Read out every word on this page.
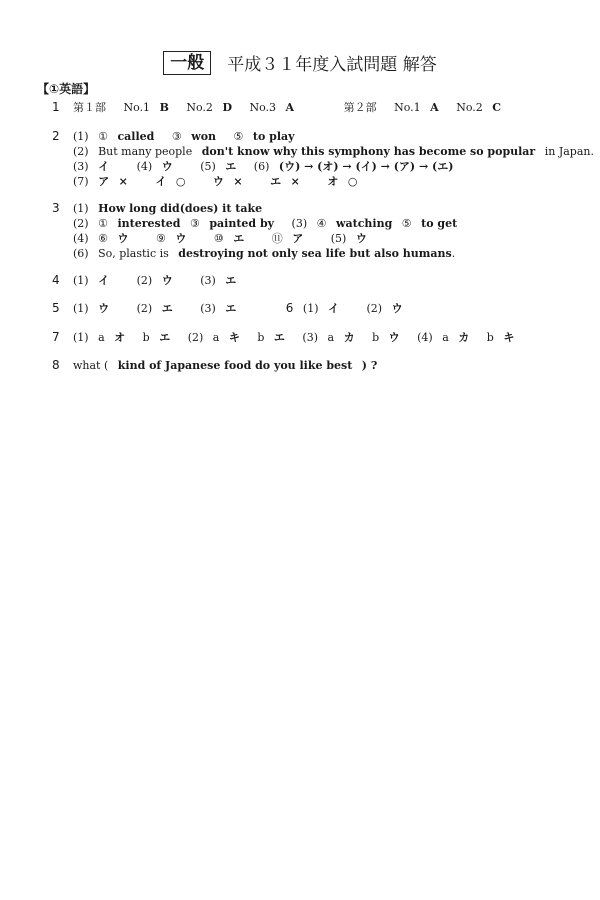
一般 平成３１年度入試問題 解答
【①英語】
1 第１部 No.1 B No.2 D No.3 A	第２部 No.1 A No.2 C
2 (1) ① called ③ won ⑤ to play
(2) But many people don't know why this symphony has become so popular in Japan.
(3) イ	(4) ウ	(5) エ (6) (ウ) → (オ) → (イ) → (ア) → (エ)
(7) ア ×	イ ○	ウ ×	エ ×	オ ○
3 (1) How long did(does) it take
(2) ① interested ③ painted by (3) ④ watching ⑤ to get
(4) ⑥ ウ	⑨ ウ	⑩ エ	⑪ ア	(5) ウ
(6) So, plastic is destroying not only sea life but also humans.
4 (1) イ	(2) ウ	(3) エ
5 (1) ウ	(2) エ	(3) エ	6 (1) イ	(2) ウ
7 (1) a オ b エ (2) a キ b エ (3) a カ b ウ (4) a カ b キ
8 what ( kind of Japanese food do you like best ) ?
